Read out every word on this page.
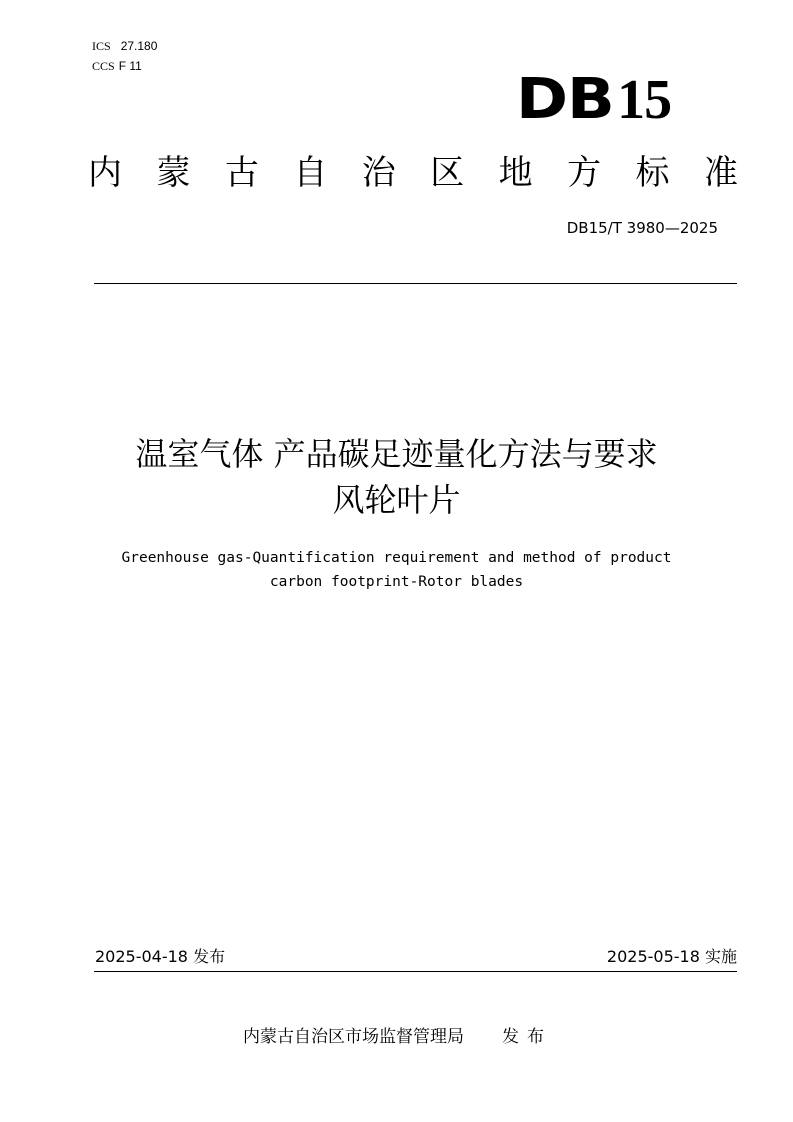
ICS 27.180
CCS F 11
DB15
内 蒙 古 自 治 区 地 方 标 准
DB15/T 3980—2025
温室气体 产品碳足迹量化方法与要求
风轮叶片
Greenhouse gas-Quantification requirement and method of product
carbon footprint-Rotor blades
2025-04-18 发布	2025-05-18 实施
内蒙古自治区市场监督管理局 发布
